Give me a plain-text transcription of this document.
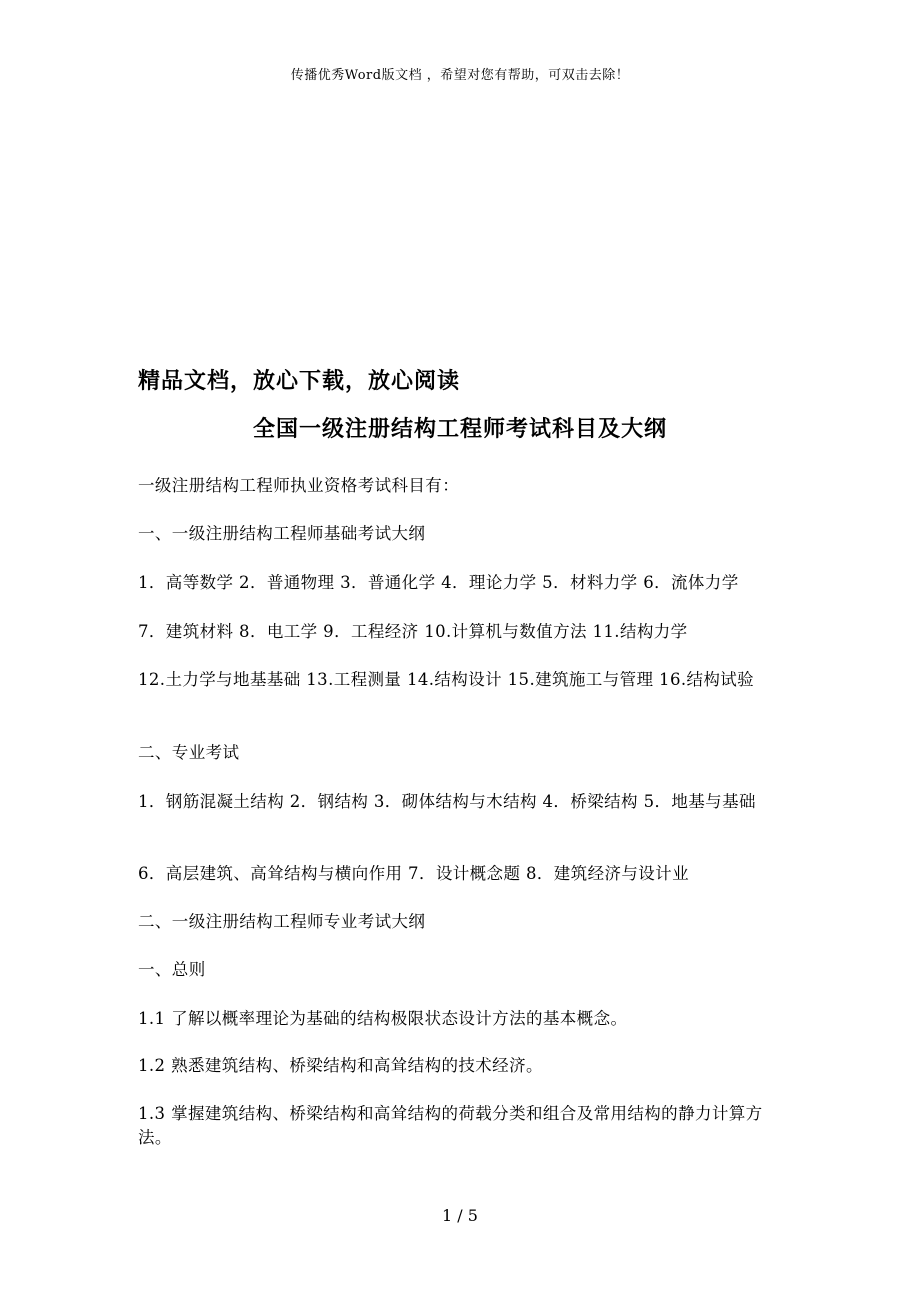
传播优秀Word版文档 ，希望对您有帮助，可双击去除！
精品文档，放心下载，放心阅读
全国一级注册结构工程师考试科目及大纲
一级注册结构工程师执业资格考试科目有：
一、一级注册结构工程师基础考试大纲
1．高等数学 2．普通物理 3．普通化学 4．理论力学 5．材料力学 6．流体力学
7．建筑材料 8．电工学 9．工程经济 10.计算机与数值方法 11.结构力学
12.土力学与地基基础 13.工程测量 14.结构设计 15.建筑施工与管理 16.结构试验
二、专业考试
1．钢筋混凝土结构 2．钢结构 3．砌体结构与木结构 4．桥梁结构 5．地基与基础
6．高层建筑、高耸结构与横向作用 7．设计概念题 8．建筑经济与设计业
二、一级注册结构工程师专业考试大纲
一、总则
1.1 了解以概率理论为基础的结构极限状态设计方法的基本概念。
1.2 熟悉建筑结构、桥梁结构和高耸结构的技术经济。
1.3 掌握建筑结构、桥梁结构和高耸结构的荷载分类和组合及常用结构的静力计算方法。
1 / 5
